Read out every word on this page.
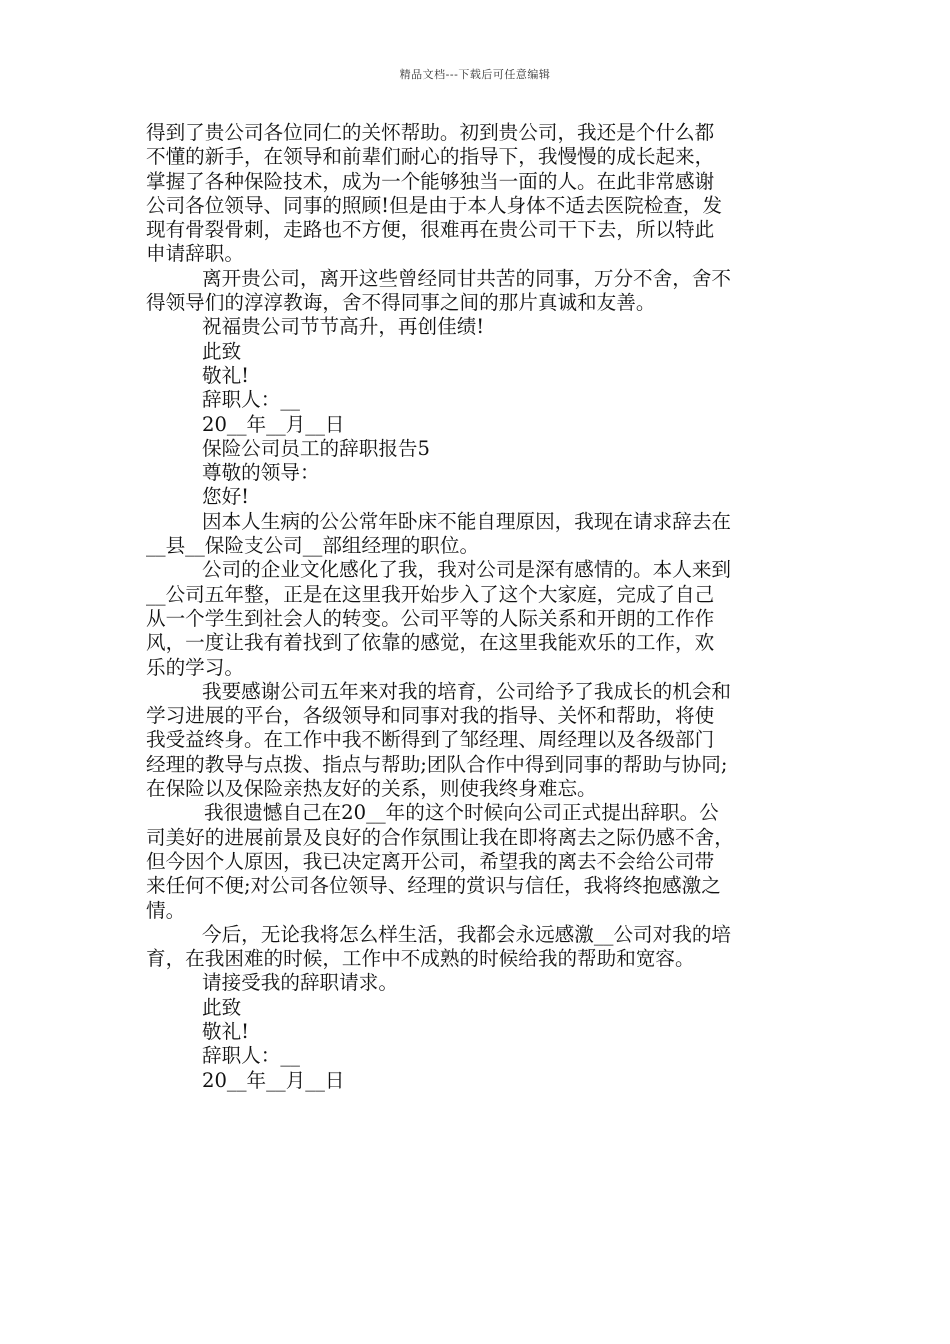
精品文档---下载后可任意编辑
得到了贵公司各位同仁的关怀帮助。初到贵公司，我还是个什么都
不懂的新手，在领导和前辈们耐心的指导下，我慢慢的成长起来，
掌握了各种保险技术，成为一个能够独当一面的人。在此非常感谢
公司各位领导、同事的照顾!但是由于本人身体不适去医院检查，发
现有骨裂骨刺，走路也不方便，很难再在贵公司干下去，所以特此
申请辞职。
离开贵公司，离开这些曾经同甘共苦的同事，万分不舍，舍不
得领导们的淳淳教诲，舍不得同事之间的那片真诚和友善。
祝福贵公司节节高升，再创佳绩!
此致
敬礼!
辞职人：__
20__年__月__日
保险公司员工的辞职报告5
尊敬的领导：
您好!
因本人生病的公公常年卧床不能自理原因，我现在请求辞去在
__县__保险支公司__部组经理的职位。
公司的企业文化感化了我，我对公司是深有感情的。本人来到
__公司五年整，正是在这里我开始步入了这个大家庭，完成了自己
从一个学生到社会人的转变。公司平等的人际关系和开朗的工作作
风，一度让我有着找到了依靠的感觉，在这里我能欢乐的工作，欢
乐的学习。
我要感谢公司五年来对我的培育，公司给予了我成长的机会和
学习进展的平台，各级领导和同事对我的指导、关怀和帮助，将使
我受益终身。在工作中我不断得到了邹经理、周经理以及各级部门
经理的教导与点拨、指点与帮助;团队合作中得到同事的帮助与协同;
在保险以及保险亲热友好的关系，则使我终身难忘。
我很遗憾自己在20__年的这个时候向公司正式提出辞职。公
司美好的进展前景及良好的合作氛围让我在即将离去之际仍感不舍，
但今因个人原因，我已决定离开公司，希望我的离去不会给公司带
来任何不便;对公司各位领导、经理的赏识与信任，我将终抱感激之
情。
今后，无论我将怎么样生活，我都会永远感激__公司对我的培
育，在我困难的时候，工作中不成熟的时候给我的帮助和宽容。
请接受我的辞职请求。
此致
敬礼!
辞职人：__
20__年__月__日
